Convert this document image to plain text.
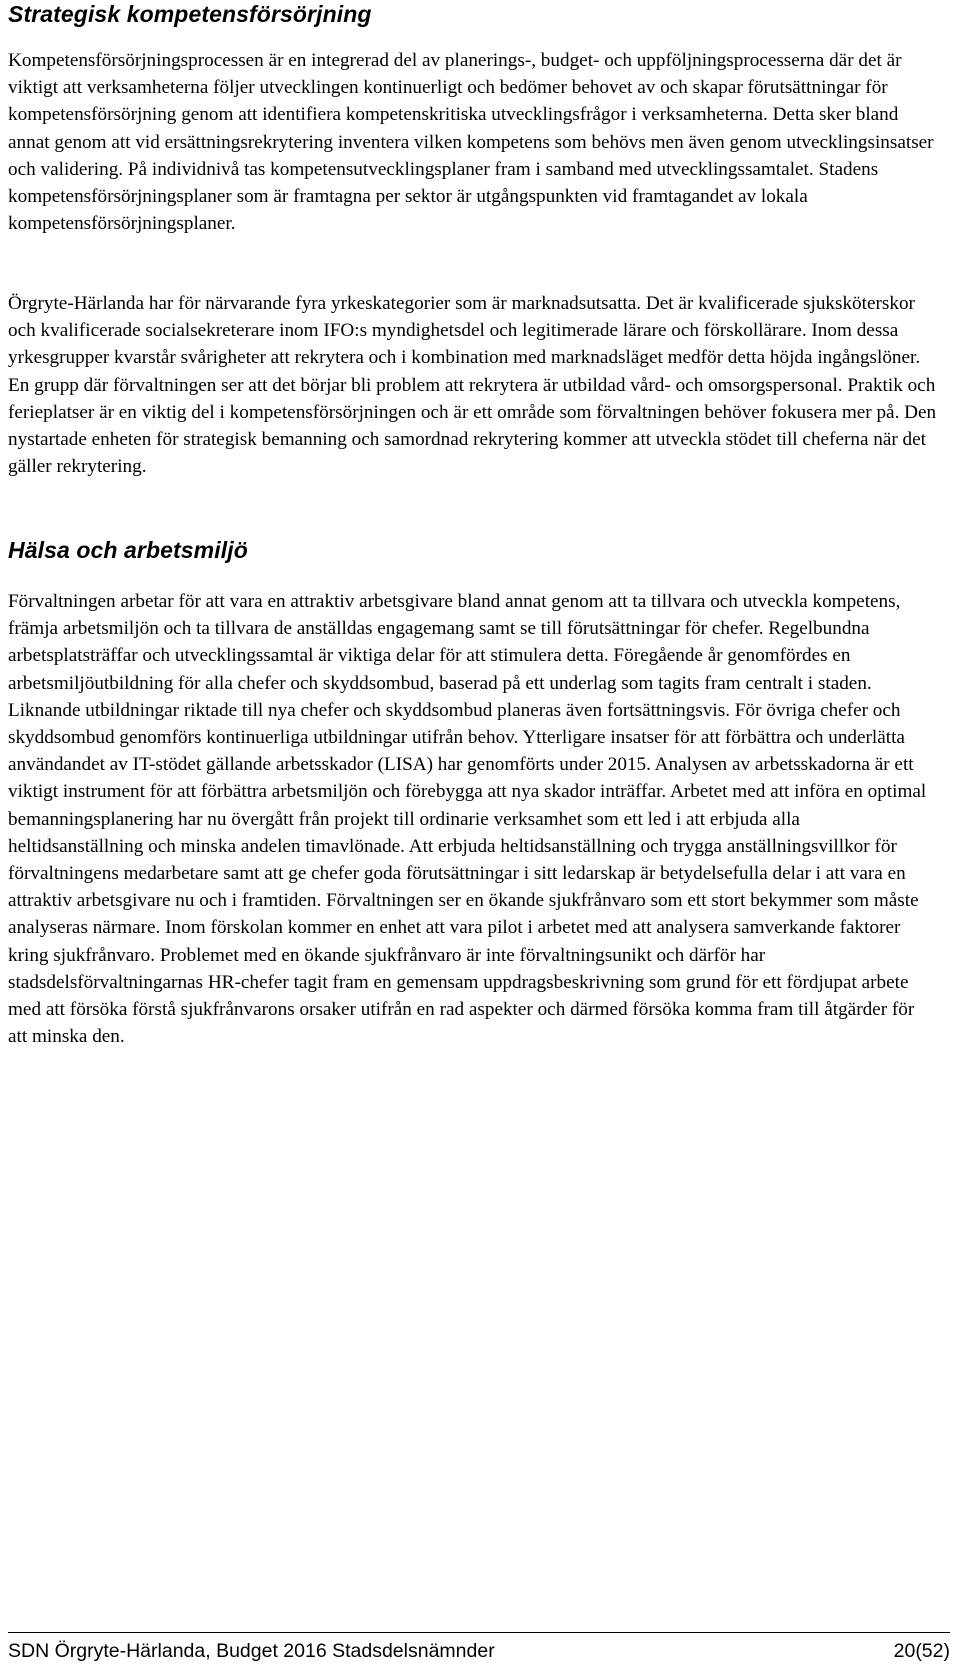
Strategisk kompetensförsörjning

Kompetensförsörjningsprocessen är en integrerad del av planerings-, budget- och uppföljningsprocesserna där det är viktigt att verksamheterna följer utvecklingen kontinuerligt och bedömer behovet av och skapar förutsättningar för kompetensförsörjning genom att identifiera kompetenskritiska utvecklingsfrågor i verksamheterna. Detta sker bland annat genom att vid ersättningsrekrytering inventera vilken kompetens som behövs men även genom utvecklingsinsatser och validering. På individnivå tas kompetensutvecklingsplaner fram i samband med utvecklingssamtalet. Stadens kompetensförsörjningsplaner som är framtagna per sektor är utgångspunkten vid framtagandet av lokala kompetensförsörjningsplaner.

Örgryte-Härlanda har för närvarande fyra yrkeskategorier som är marknadsutsatta. Det är kvalificerade sjuksköterskor och kvalificerade socialsekreterare inom IFO:s myndighetsdel och legitimerade lärare och förskollärare. Inom dessa yrkesgrupper kvarstår svårigheter att rekrytera och i kombination med marknadsläget medför detta höjda ingångslöner. En grupp där förvaltningen ser att det börjar bli problem att rekrytera är utbildad vård- och omsorgspersonal. Praktik och ferieplatser är en viktig del i kompetensförsörjningen och är ett område som förvaltningen behöver fokusera mer på. Den nystartade enheten för strategisk bemanning och samordnad rekrytering kommer att utveckla stödet till cheferna när det gäller rekrytering.

Hälsa och arbetsmiljö

Förvaltningen arbetar för att vara en attraktiv arbetsgivare bland annat genom att ta tillvara och utveckla kompetens, främja arbetsmiljön och ta tillvara de anställdas engagemang samt se till förutsättningar för chefer. Regelbundna arbetsplatsträffar och utvecklingssamtal är viktiga delar för att stimulera detta. Föregående år genomfördes en arbetsmiljöutbildning för alla chefer och skyddsombud, baserad på ett underlag som tagits fram centralt i staden. Liknande utbildningar riktade till nya chefer och skyddsombud planeras även fortsättningsvis. För övriga chefer och skyddsombud genomförs kontinuerliga utbildningar utifrån behov. Ytterligare insatser för att förbättra och underlätta användandet av IT-stödet gällande arbetsskador (LISA) har genomförts under 2015. Analysen av arbetsskadorna är ett viktigt instrument för att förbättra arbetsmiljön och förebygga att nya skador inträffar. Arbetet med att införa en optimal bemanningsplanering har nu övergått från projekt till ordinarie verksamhet som ett led i att erbjuda alla heltidsanställning och minska andelen timavlönade. Att erbjuda heltidsanställning och trygga anställningsvillkor för förvaltningens medarbetare samt att ge chefer goda förutsättningar i sitt ledarskap är betydelsefulla delar i att vara en attraktiv arbetsgivare nu och i framtiden. Förvaltningen ser en ökande sjukfrånvaro som ett stort bekymmer som måste analyseras närmare. Inom förskolan kommer en enhet att vara pilot i arbetet med att analysera samverkande faktorer kring sjukfrånvaro. Problemet med en ökande sjukfrånvaro är inte förvaltningsunikt och därför har stadsdelsförvaltningarnas HR-chefer tagit fram en gemensam uppdragsbeskrivning som grund för ett fördjupat arbete med att försöka förstå sjukfrånvarons orsaker utifrån en rad aspekter och därmed försöka komma fram till åtgärder för att minska den.

SDN Örgryte-Härlanda, Budget 2016 Stadsdelsnämnder	20(52)
